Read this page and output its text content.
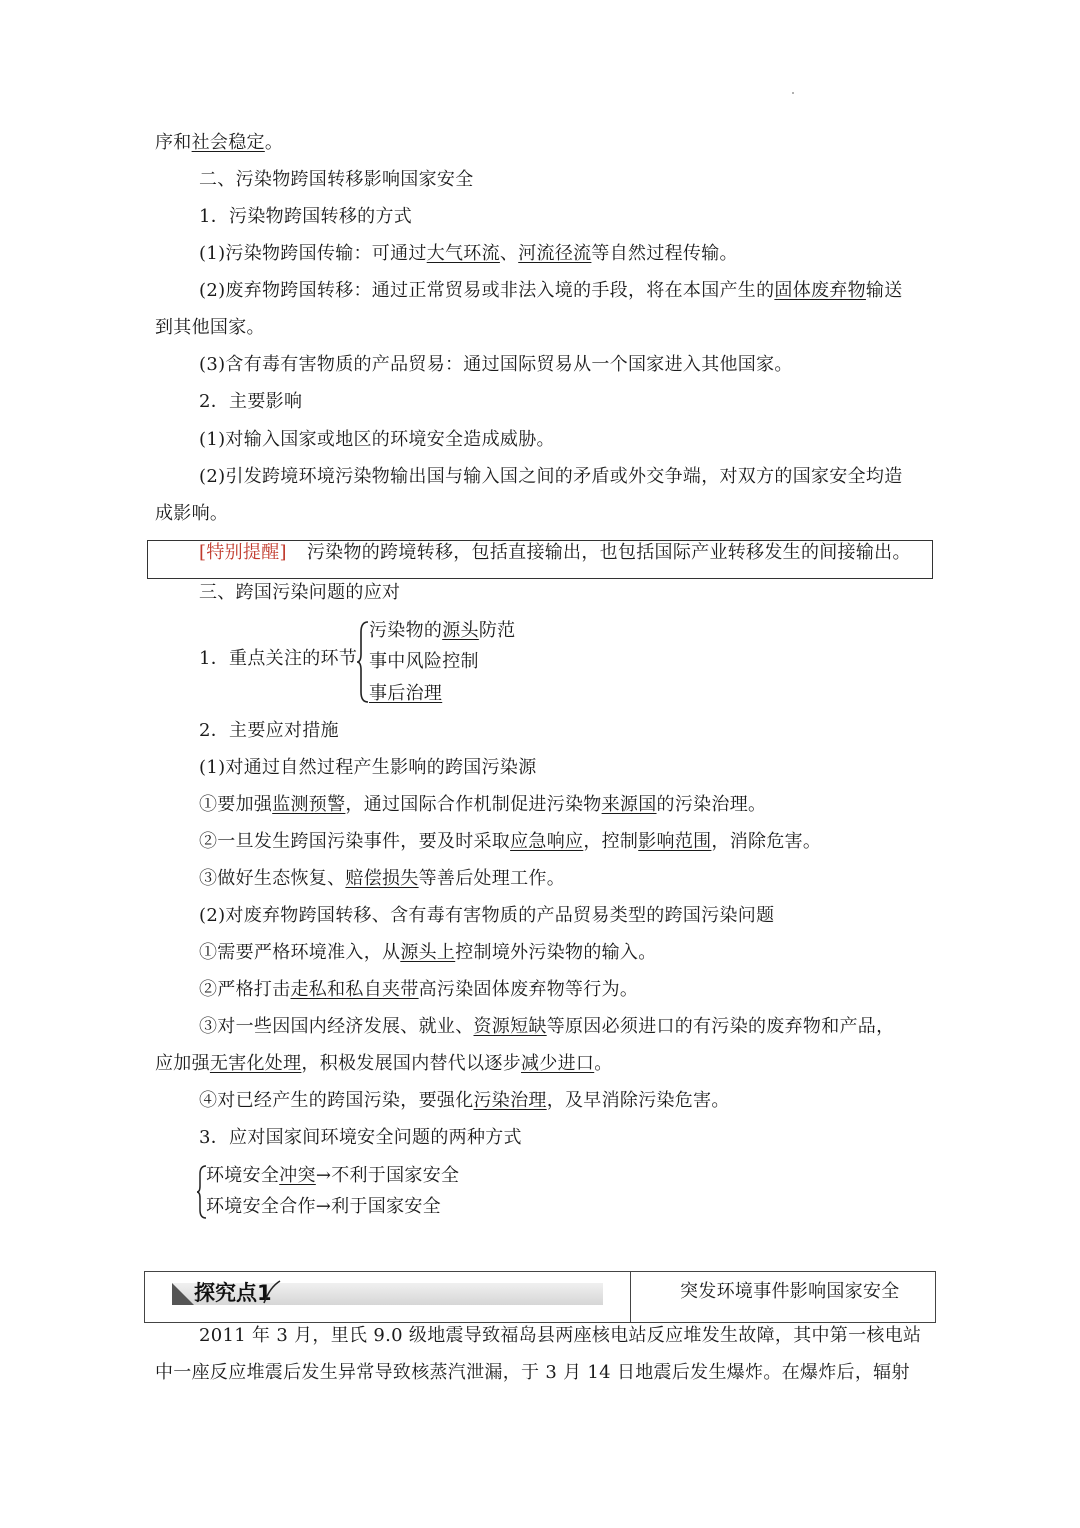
序和社会稳定。
二、污染物跨国转移影响国家安全
1．污染物跨国转移的方式
(1)污染物跨国传输：可通过大气环流、河流径流等自然过程传输。
(2)废弃物跨国转移：通过正常贸易或非法入境的手段，将在本国产生的固体废弃物输送
到其他国家。
(3)含有毒有害物质的产品贸易：通过国际贸易从一个国家进入其他国家。
2．主要影响
(1)对输入国家或地区的环境安全造成威胁。
(2)引发跨境环境污染物输出国与输入国之间的矛盾或外交争端，对双方的国家安全均造
成影响。
[特别提醒] 污染物的跨境转移，包括直接输出，也包括国际产业转移发生的间接输出。
三、跨国污染问题的应对
1．重点关注的环节
污染物的源头防范
事中风险控制
事后治理
2．主要应对措施
(1)对通过自然过程产生影响的跨国污染源
①要加强监测预警，通过国际合作机制促进污染物来源国的污染治理。
②一旦发生跨国污染事件，要及时采取应急响应，控制影响范围，消除危害。
③做好生态恢复、赔偿损失等善后处理工作。
(2)对废弃物跨国转移、含有毒有害物质的产品贸易类型的跨国污染问题
①需要严格环境准入，从源头上控制境外污染物的输入。
②严格打击走私和私自夹带高污染固体废弃物等行为。
③对一些因国内经济发展、就业、资源短缺等原因必须进口的有污染的废弃物和产品，
应加强无害化处理，积极发展国内替代以逐步减少进口。
④对已经产生的跨国污染，要强化污染治理，及早消除污染危害。
3．应对国家间环境安全问题的两种方式
环境安全冲突→不利于国家安全
环境安全合作→利于国家安全
探究点1	突发环境事件影响国家安全
2011 年 3 月，里氏 9.0 级地震导致福岛县两座核电站反应堆发生故障，其中第一核电站
中一座反应堆震后发生异常导致核蒸汽泄漏，于 3 月 14 日地震后发生爆炸。在爆炸后，辐射
